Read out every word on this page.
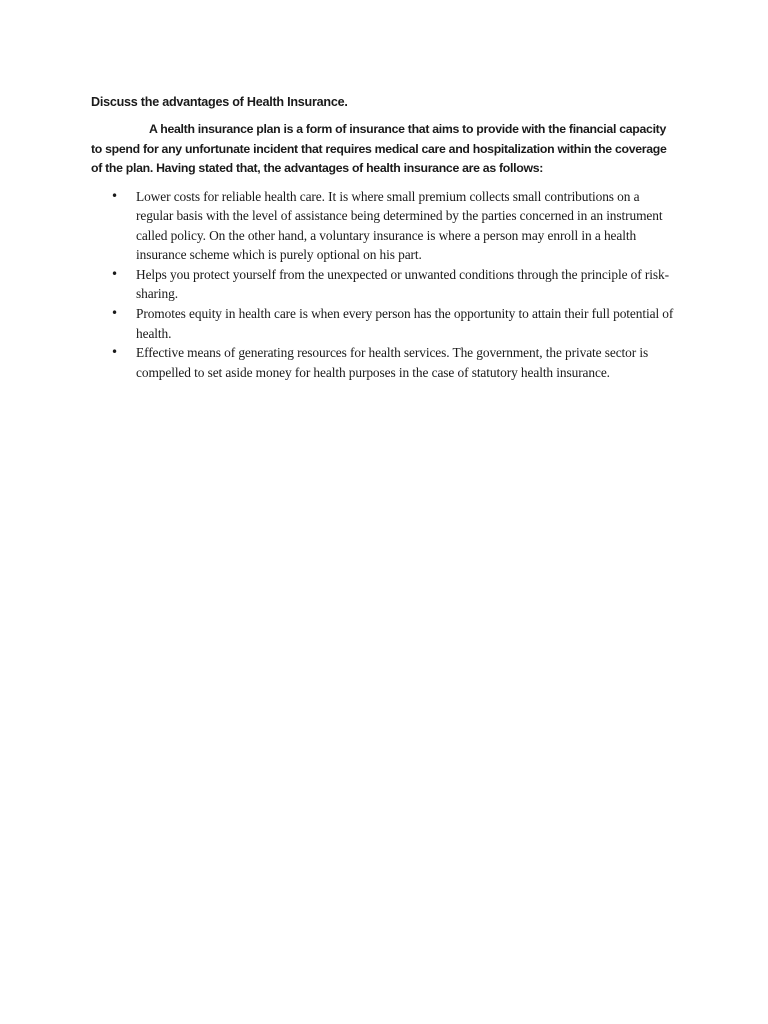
Discuss the advantages of Health Insurance.

A health insurance plan is a form of insurance that aims to provide with the financial capacity to spend for any unfortunate incident that requires medical care and hospitalization within the coverage of the plan. Having stated that, the advantages of health insurance are as follows:

• Lower costs for reliable health care. It is where small premium collects small contributions on a regular basis with the level of assistance being determined by the parties concerned in an instrument called policy. On the other hand, a voluntary insurance is where a person may enroll in a health insurance scheme which is purely optional on his part.
• Helps you protect yourself from the unexpected or unwanted conditions through the principle of risk-sharing.
• Promotes equity in health care is when every person has the opportunity to attain their full potential of health.
• Effective means of generating resources for health services. The government, the private sector is compelled to set aside money for health purposes in the case of statutory health insurance.
